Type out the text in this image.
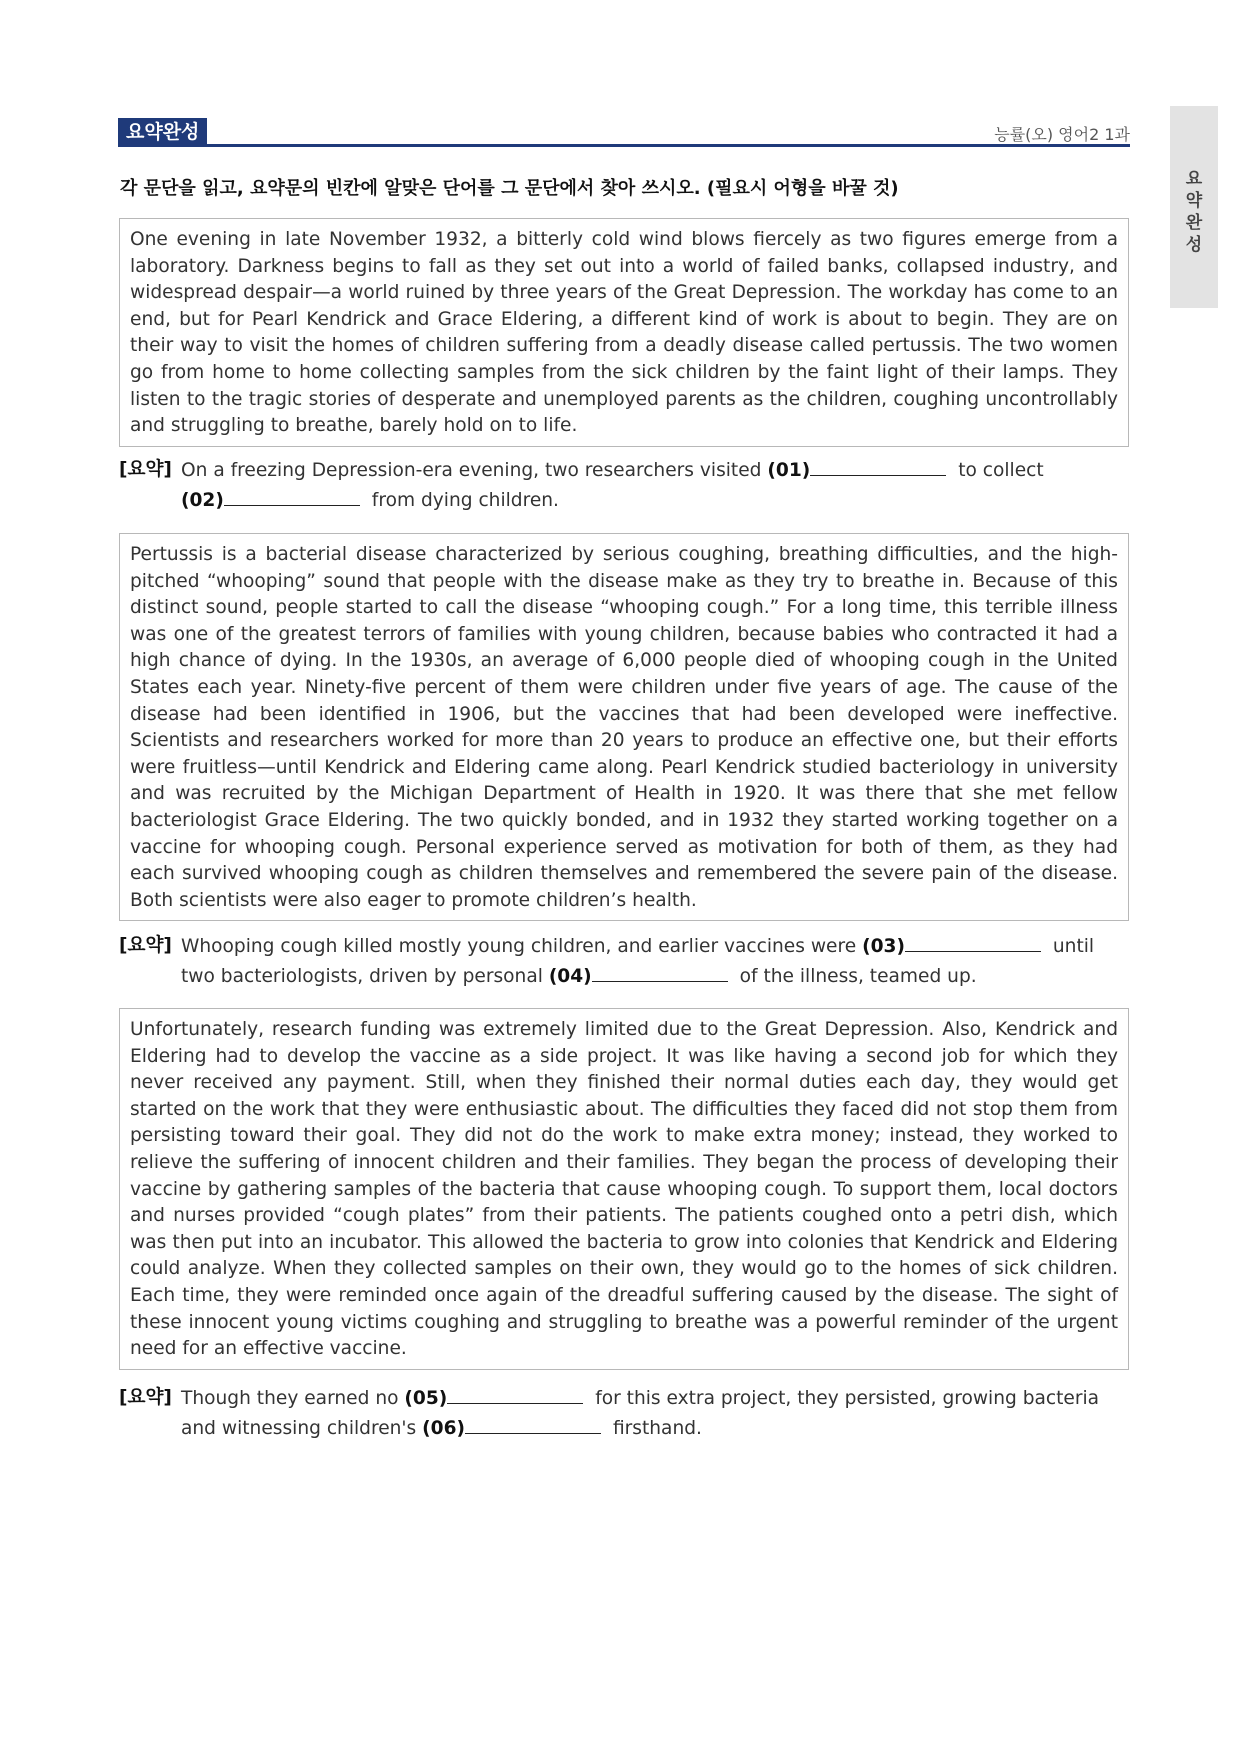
요약완성	능률(오) 영어2 1과
요
약
완
성
각 문단을 읽고, 요약문의 빈칸에 알맞은 단어를 그 문단에서 찾아 쓰시오. (필요시 어형을 바꿀 것)
One evening in late November 1932, a bitterly cold wind blows fiercely as two figures emerge from a laboratory. Darkness begins to fall as they set out into a world of failed banks, collapsed industry, and widespread despair—a world ruined by three years of the Great Depression. The workday has come to an end, but for Pearl Kendrick and Grace Eldering, a different kind of work is about to begin. They are on their way to visit the homes of children suffering from a deadly disease called pertussis. The two women go from home to home collecting samples from the sick children by the faint light of their lamps. They listen to the tragic stories of desperate and unemployed parents as the children, coughing uncontrollably and struggling to breathe, barely hold on to life.
[요약] On a freezing Depression-era evening, two researchers visited (01)	to collect
(02)	from dying children.
Pertussis is a bacterial disease characterized by serious coughing, breathing difficulties, and the high-pitched “whooping” sound that people with the disease make as they try to breathe in. Because of this distinct sound, people started to call the disease “whooping cough.” For a long time, this terrible illness was one of the greatest terrors of families with young children, because babies who contracted it had a high chance of dying. In the 1930s, an average of 6,000 people died of whooping cough in the United States each year. Ninety-five percent of them were children under five years of age. The cause of the disease had been identified in 1906, but the vaccines that had been developed were ineffective. Scientists and researchers worked for more than 20 years to produce an effective one, but their efforts were fruitless—until Kendrick and Eldering came along. Pearl Kendrick studied bacteriology in university and was recruited by the Michigan Department of Health in 1920. It was there that she met fellow bacteriologist Grace Eldering. The two quickly bonded, and in 1932 they started working together on a vaccine for whooping cough. Personal experience served as motivation for both of them, as they had each survived whooping cough as children themselves and remembered the severe pain of the disease. Both scientists were also eager to promote children’s health.
[요약] Whooping cough killed mostly young children, and earlier vaccines were (03)	until
two bacteriologists, driven by personal (04)	of the illness, teamed up.
Unfortunately, research funding was extremely limited due to the Great Depression. Also, Kendrick and Eldering had to develop the vaccine as a side project. It was like having a second job for which they never received any payment. Still, when they finished their normal duties each day, they would get started on the work that they were enthusiastic about. The difficulties they faced did not stop them from persisting toward their goal. They did not do the work to make extra money; instead, they worked to relieve the suffering of innocent children and their families. They began the process of developing their vaccine by gathering samples of the bacteria that cause whooping cough. To support them, local doctors and nurses provided “cough plates” from their patients. The patients coughed onto a petri dish, which was then put into an incubator. This allowed the bacteria to grow into colonies that Kendrick and Eldering could analyze. When they collected samples on their own, they would go to the homes of sick children. Each time, they were reminded once again of the dreadful suffering caused by the disease. The sight of these innocent young victims coughing and struggling to breathe was a powerful reminder of the urgent need for an effective vaccine.
[요약] Though they earned no (05)	for this extra project, they persisted, growing bacteria
and witnessing children's (06)	firsthand.
